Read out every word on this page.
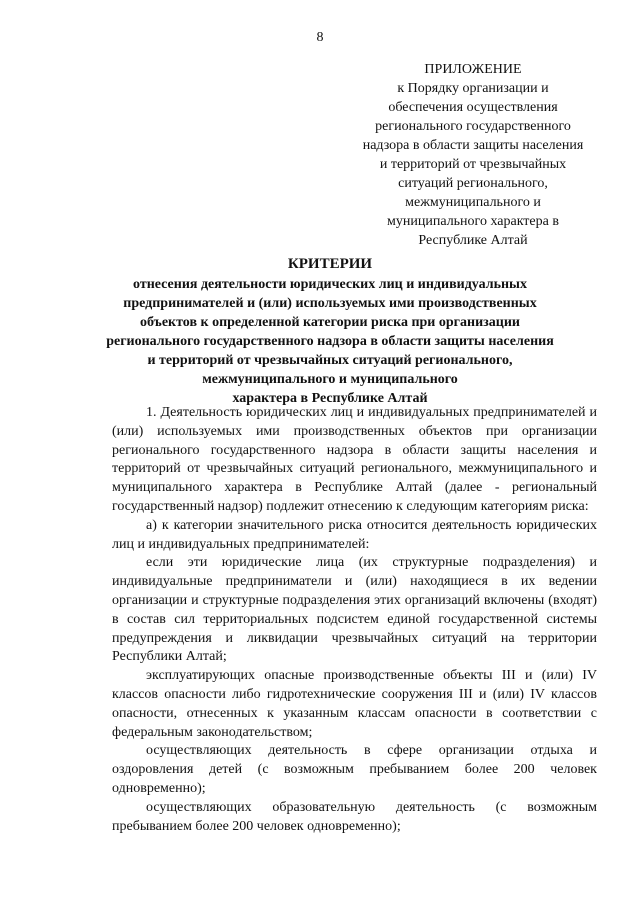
8
ПРИЛОЖЕНИЕ
к Порядку организации и
обеспечения осуществления
регионального государственного
надзора в области защиты населения
и территорий от чрезвычайных
ситуаций регионального,
межмуниципального и
муниципального характера в
Республике Алтай
КРИТЕРИИ
отнесения деятельности юридических лиц и индивидуальных
предпринимателей и (или) используемых ими производственных
объектов к определенной категории риска при организации
регионального государственного надзора в области защиты населения
и территорий от чрезвычайных ситуаций регионального,
межмуниципального и муниципального
характера в Республике Алтай

1. Деятельность юридических лиц и индивидуальных предпринимателей и (или) используемых ими производственных объектов при организации регионального государственного надзора в области защиты населения и территорий от чрезвычайных ситуаций регионального, межмуниципального и муниципального характера в Республике Алтай (далее - региональный государственный надзор) подлежит отнесению к следующим категориям риска:

а) к категории значительного риска относится деятельность юридических лиц и индивидуальных предпринимателей:

если эти юридические лица (их структурные подразделения) и индивидуальные предприниматели и (или) находящиеся в их ведении организации и структурные подразделения этих организаций включены (входят) в состав сил территориальных подсистем единой государственной системы предупреждения и ликвидации чрезвычайных ситуаций на территории Республики Алтай;

эксплуатирующих опасные производственные объекты III и (или) IV классов опасности либо гидротехнические сооружения III и (или) IV классов опасности, отнесенных к указанным классам опасности в соответствии с федеральным законодательством;

осуществляющих деятельность в сфере организации отдыха и оздоровления детей (с возможным пребыванием более 200 человек одновременно);

осуществляющих образовательную деятельность (с возможным пребыванием более 200 человек одновременно);
